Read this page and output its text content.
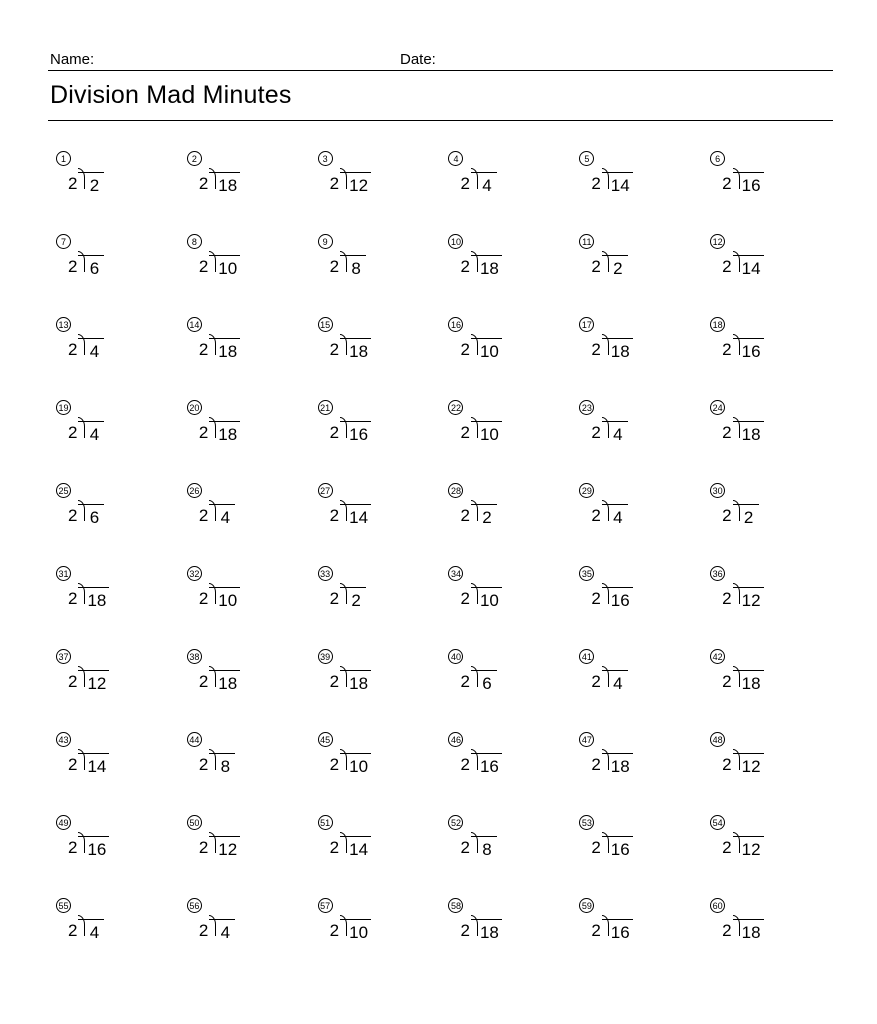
Name:	Date:
Division Mad Minutes
1
2 2
2
2 18
3
2 12
4
2 4
5
2 14
6
2 16
7
2 6
8
2 10
9
2 8
10
2 18
11
2 2
12
2 14
13
2 4
14
2 18
15
2 18
16
2 10
17
2 18
18
2 16
19
2 4
20
2 18
21
2 16
22
2 10
23
2 4
24
2 18
25
2 6
26
2 4
27
2 14
28
2 2
29
2 4
30
2 2
31
2 18
32
2 10
33
2 2
34
2 10
35
2 16
36
2 12
37
2 12
38
2 18
39
2 18
40
2 6
41
2 4
42
2 18
43
2 14
44
2 8
45
2 10
46
2 16
47
2 18
48
2 12
49
2 16
50
2 12
51
2 14
52
2 8
53
2 16
54
2 12
55
2 4
56
2 4
57
2 10
58
2 18
59
2 16
60
2 18
